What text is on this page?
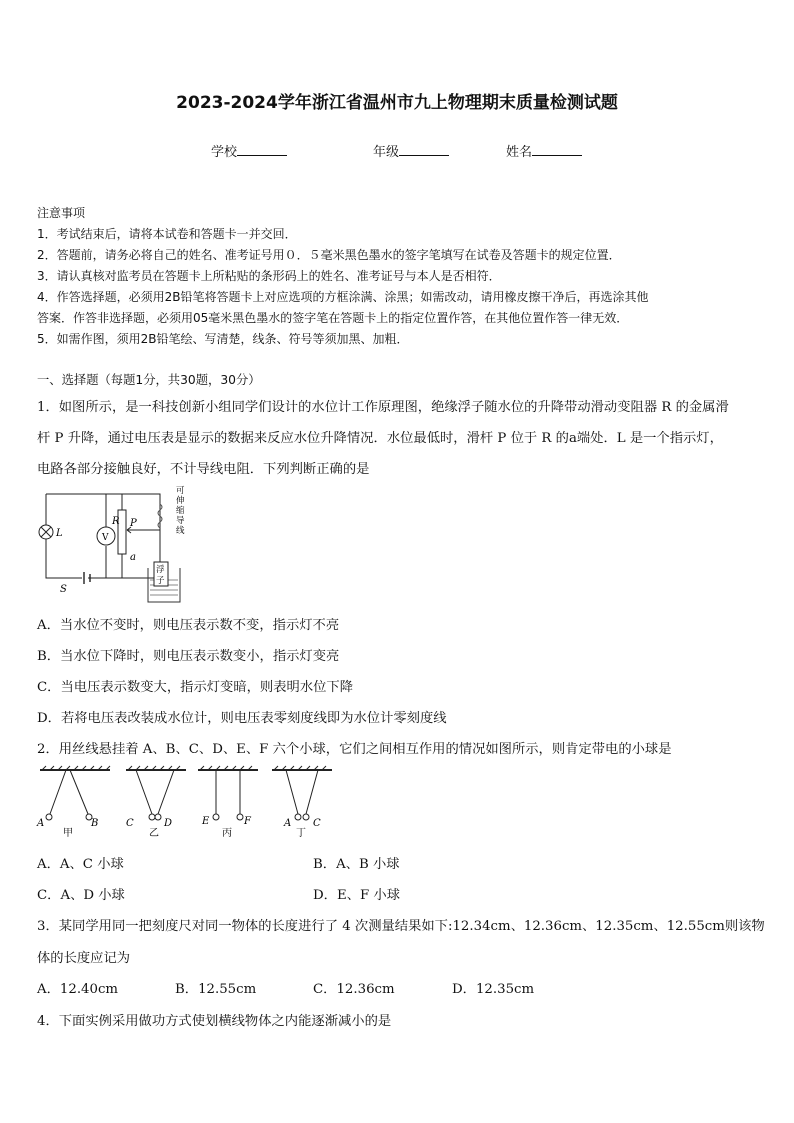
2023-2024学年浙江省温州市九上物理期末质量检测试题
学校	年级	姓名
注意事项
1．考试结束后，请将本试卷和答题卡一并交回．
2．答题前，请务必将自己的姓名、准考证号用０．５毫米黑色墨水的签字笔填写在试卷及答题卡的规定位置．
3．请认真核对监考员在答题卡上所粘贴的条形码上的姓名、准考证号与本人是否相符．
4．作答选择题，必须用2B铅笔将答题卡上对应选项的方框涂满、涂黑；如需改动，请用橡皮擦干净后，再选涂其他
答案．作答非选择题，必须用05毫米黑色墨水的签字笔在答题卡上的指定位置作答，在其他位置作答一律无效．
5．如需作图，须用2B铅笔绘、写清楚，线条、符号等须加黑、加粗．
一、选择题（每题1分，共30题，30分）
1．如图所示，是一科技创新小组同学们设计的水位计工作原理图，绝缘浮子随水位的升降带动滑动变阻器 R 的金属滑
杆 P 升降，通过电压表是显示的数据来反应水位升降情况．水位最低时，滑杆 P 位于 R 的a端处．L 是一个指示灯，
电路各部分接触良好，不计导线电阻．下列判断正确的是
L	V
R P
a
S
可
伸
缩
导
线
浮
子
A．当水位不变时，则电压表示数不变，指示灯不亮
B．当水位下降时，则电压表示数变小，指示灯变亮
C．当电压表示数变大，指示灯变暗，则表明水位下降
D．若将电压表改装成水位计，则电压表零刻度线即为水位计零刻度线
2．用丝线悬挂着 A、B、C、D、E、F 六个小球，它们之间相互作用的情况如图所示，则肯定带电的小球是
A	B	C	D	E	F	A C
甲	乙	丙	丁
A．A、C 小球	B．A、B 小球
C．A、D 小球	D．E、F 小球
3．某同学用同一把刻度尺对同一物体的长度进行了 4 次测量结果如下:12.34cm、12.36cm、12.35cm、12.55cm则该物
体的长度应记为
A．12.40cm	B．12.55cm	C．12.36cm	D．12.35cm
4．下面实例采用做功方式使划横线物体之内能逐渐减小的是
